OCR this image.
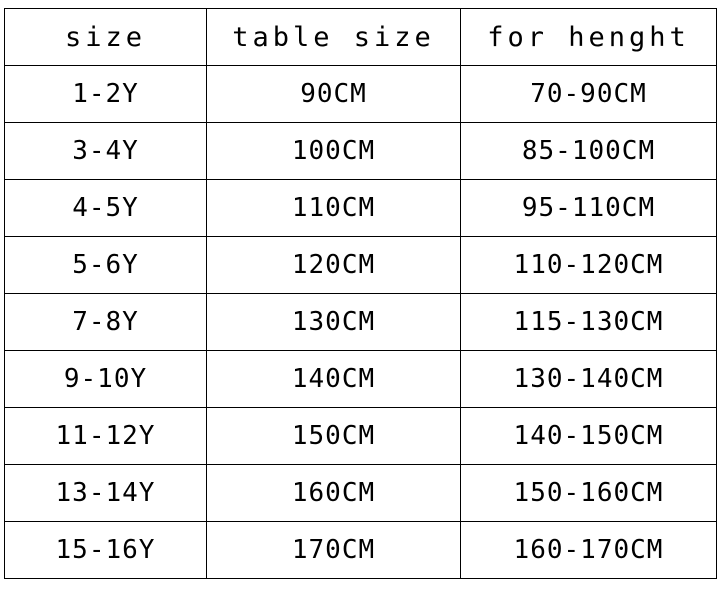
size	table size	for henght
1-2Y	90CM	70-90CM
3-4Y	100CM	85-100CM
4-5Y	110CM	95-110CM
5-6Y	120CM	110-120CM
7-8Y	130CM	115-130CM
9-10Y	140CM	130-140CM
11-12Y	150CM	140-150CM
13-14Y	160CM	150-160CM
15-16Y	170CM	160-170CM
